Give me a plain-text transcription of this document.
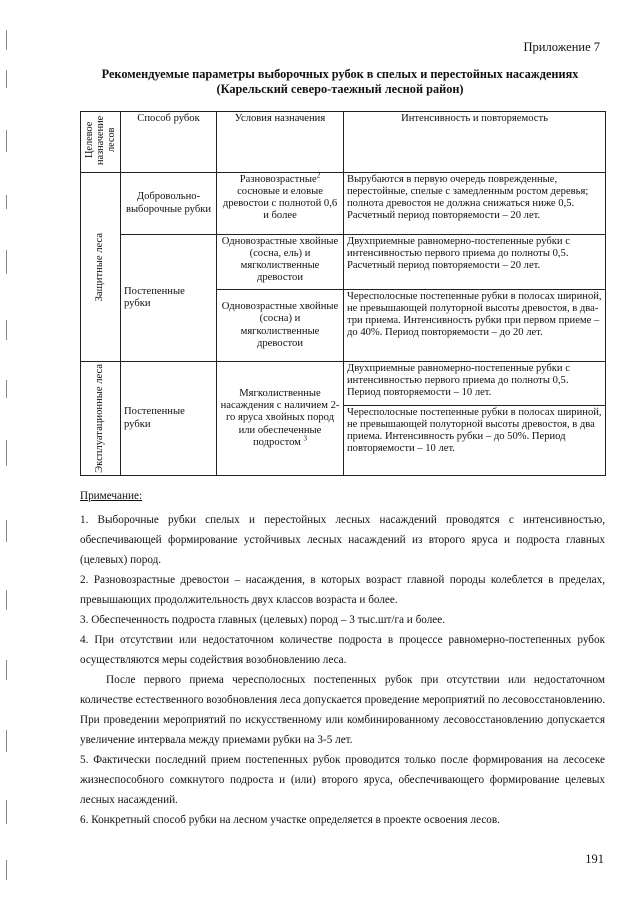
Приложение 7
Рекомендуемые параметры выборочных рубок в спелых и перестойных насаждениях
(Карельский северо-таежный лесной район)
Целевое назначение лесов	Способ рубок	Условия назначения	Интенсивность и повторяемость

Защитные леса	Добровольно-выборочные рубки	Разновозрастные$^2$ сосновые и еловые древостои с полнотой 0,6 и более	Вырубаются в первую очередь поврежденные, перестойные, спелые с замедленным ростом деревья; полнота древостоя не должна снижаться ниже 0,5. Расчетный период повторяемости – 20 лет.
	Постепенные рубки	Одновозрастные хвойные (сосна, ель) и мягколиственные древостои	Двухприемные равномерно-постепенные рубки с интенсивностью первого приема до полноты 0,5. Расчетный период повторяемости – 20 лет.
		Одновозрастные хвойные (сосна) и мягколиственные древостои	Чересполосные постепенные рубки в полосах шириной, не превышающей полуторной высоты древостоя, в два-три приема. Интенсивность рубки при первом приеме – до 40%. Период повторяемости – до 20 лет.

Эксплуатационные леса	Постепенные рубки	Мягколиственные насаждения с наличием 2-го яруса хвойных пород или обеспеченные подростом $^3$	Двухприемные равномерно-постепенные рубки с интенсивностью первого приема до полноты 0,5. Период повторяемости – 10 лет.
			Чересполосные постепенные рубки в полосах шириной, не превышающей полуторной высоты древостоя, в два приема. Интенсивность рубки – до 50%. Период повторяемости – 10 лет.

Примечание:

1. Выборочные рубки спелых и перестойных лесных насаждений проводятся с интенсивностью, обеспечивающей формирование устойчивых лесных насаждений из второго яруса и подроста главных (целевых) пород.

2. Разновозрастные древостои – насаждения, в которых возраст главной породы колеблется в пределах, превышающих продолжительность двух классов возраста и более.

3. Обеспеченность подроста главных (целевых) пород – 3 тыс.шт/га и более.

4. При отсутствии или недостаточном количестве подроста в процессе равномерно-постепенных рубок осуществляются меры содействия возобновлению леса.

После первого приема чересполосных постепенных рубок при отсутствии или недостаточном количестве естественного возобновления леса допускается проведение мероприятий по лесовосстановлению. При проведении мероприятий по искусственному или комбинированному лесовосстановлению допускается увеличение интервала между приемами рубки на 3-5 лет.

5. Фактически последний прием постепенных рубок проводится только после формирования на лесосеке жизнеспособного сомкнутого подроста и (или) второго яруса, обеспечивающего формирование целевых лесных насаждений.

6. Конкретный способ рубки на лесном участке определяется в проекте освоения лесов.

191
